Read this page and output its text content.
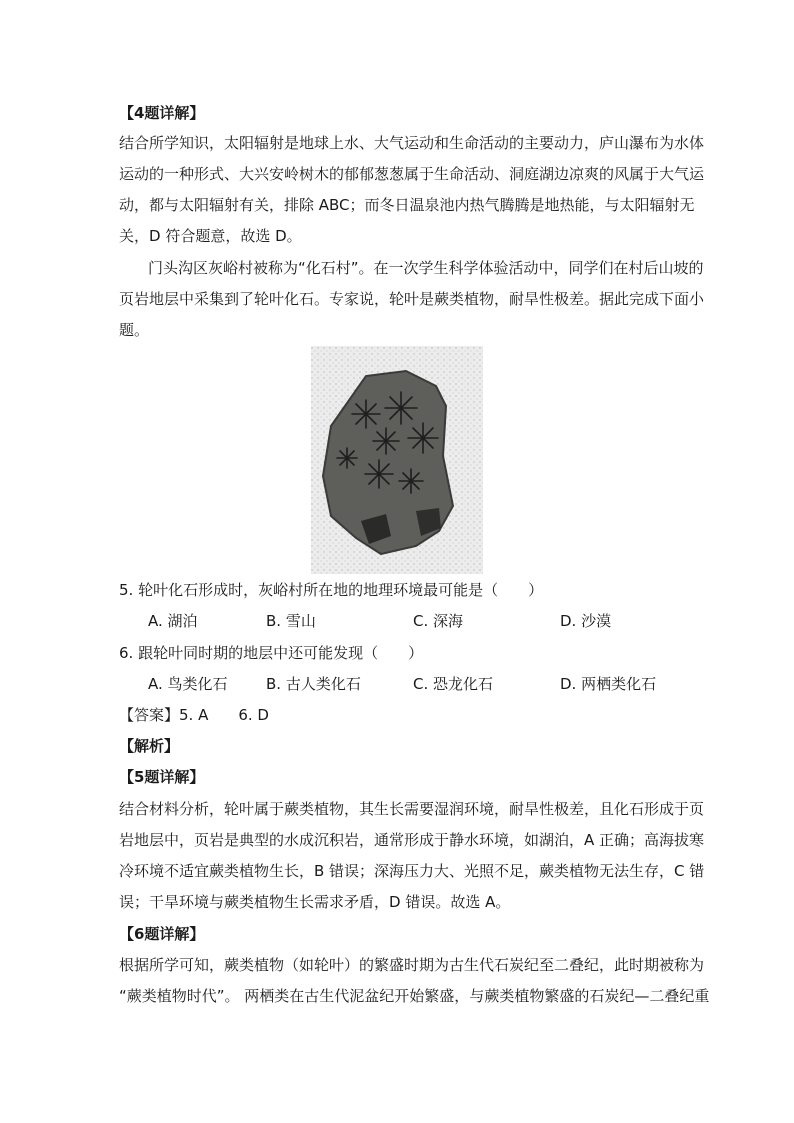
【4题详解】
结合所学知识，太阳辐射是地球上水、大气运动和生命活动的主要动力，庐山瀑布为水体
运动的一种形式、大兴安岭树木的郁郁葱葱属于生命活动、洞庭湖边凉爽的风属于大气运
动，都与太阳辐射有关，排除 ABC；而冬日温泉池内热气腾腾是地热能，与太阳辐射无
关，D 符合题意，故选 D。
门头沟区灰峪村被称为“化石村”。在一次学生科学体验活动中，同学们在村后山坡的
页岩地层中采集到了轮叶化石。专家说，轮叶是蕨类植物，耐旱性极差。据此完成下面小
题。
5. 轮叶化石形成时，灰峪村所在地的地理环境最可能是（　　）
A. 湖泊	B. 雪山	C. 深海	D. 沙漠
6. 跟轮叶同时期的地层中还可能发现（　　）
A. 鸟类化石	B. 古人类化石	C. 恐龙化石	D. 两栖类化石
【答案】5. A　　6. D
【解析】
【5题详解】
结合材料分析，轮叶属于蕨类植物，其生长需要湿润环境，耐旱性极差，且化石形成于页
岩地层中，页岩是典型的水成沉积岩，通常形成于静水环境，如湖泊，A 正确；高海拔寒
冷环境不适宜蕨类植物生长，B 错误；深海压力大、光照不足，蕨类植物无法生存，C 错
误；干旱环境与蕨类植物生长需求矛盾，D 错误。故选 A。
【6题详解】
根据所学可知，蕨类植物（如轮叶）的繁盛时期为古生代石炭纪至二叠纪，此时期被称为
“蕨类植物时代”。 两栖类在古生代泥盆纪开始繁盛，与蕨类植物繁盛的石炭纪—二叠纪重
